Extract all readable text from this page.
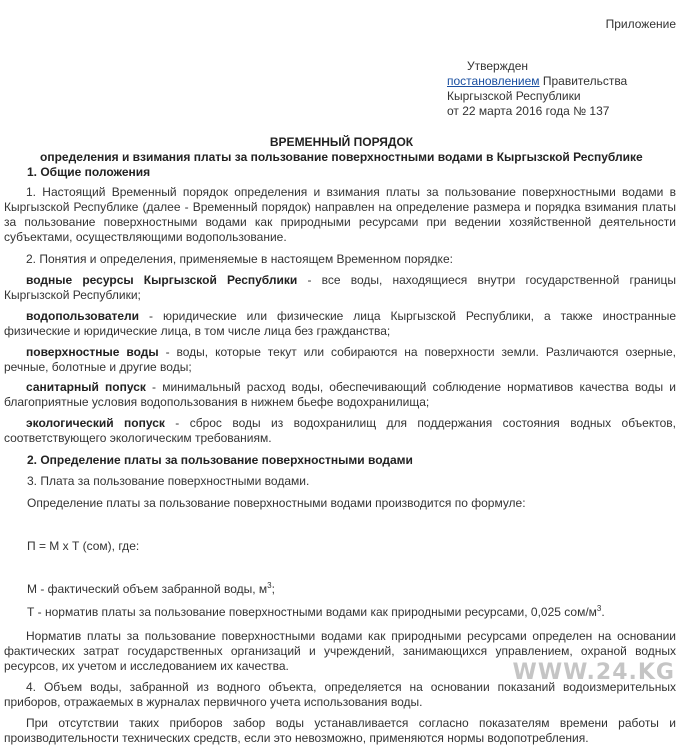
Приложение
Утвержден
постановлением Правительства
Кыргызской Республики
от 22 марта 2016 года № 137
ВРЕМЕННЫЙ ПОРЯДОК
определения и взимания платы за пользование поверхностными водами в Кыргызской Республике
1. Общие положения
1. Настоящий Временный порядок определения и взимания платы за пользование поверхностными водами в Кыргызской Республике (далее - Временный порядок) направлен на определение размера и порядка взимания платы за пользование поверхностными водами как природными ресурсами при ведении хозяйственной деятельности субъектами, осуществляющими водопользование.
2. Понятия и определения, применяемые в настоящем Временном порядке:
водные ресурсы Кыргызской Республики - все воды, находящиеся внутри государственной границы Кыргызской Республики;
водопользователи - юридические или физические лица Кыргызской Республики, а также иностранные физические и юридические лица, в том числе лица без гражданства;
поверхностные воды - воды, которые текут или собираются на поверхности земли. Различаются озерные, речные, болотные и другие воды;
санитарный попуск - минимальный расход воды, обеспечивающий соблюдение нормативов качества воды и благоприятные условия водопользования в нижнем бьефе водохранилища;
экологический попуск - сброс воды из водохранилищ для поддержания состояния водных объектов, соответствующего экологическим требованиям.
2. Определение платы за пользование поверхностными водами
3. Плата за пользование поверхностными водами.
Определение платы за пользование поверхностными водами производится по формуле:
П = М х Т (сом), где:
М - фактический объем забранной воды, $м^3$;
Т - норматив платы за пользование поверхностными водами как природными ресурсами, 0,025 сом/$м^3$.
Норматив платы за пользование поверхностными водами как природными ресурсами определен на основании фактических затрат государственных организаций и учреждений, занимающихся управлением, охраной водных ресурсов, их учетом и исследованием их качества.
4. Объем воды, забранной из водного объекта, определяется на основании показаний водоизмерительных приборов, отражаемых в журналах первичного учета использования воды.
При отсутствии таких приборов забор воды устанавливается согласно показателям времени работы и производительности технических средств, если это невозможно, применяются нормы водопотребления.
WWW.24.KG
